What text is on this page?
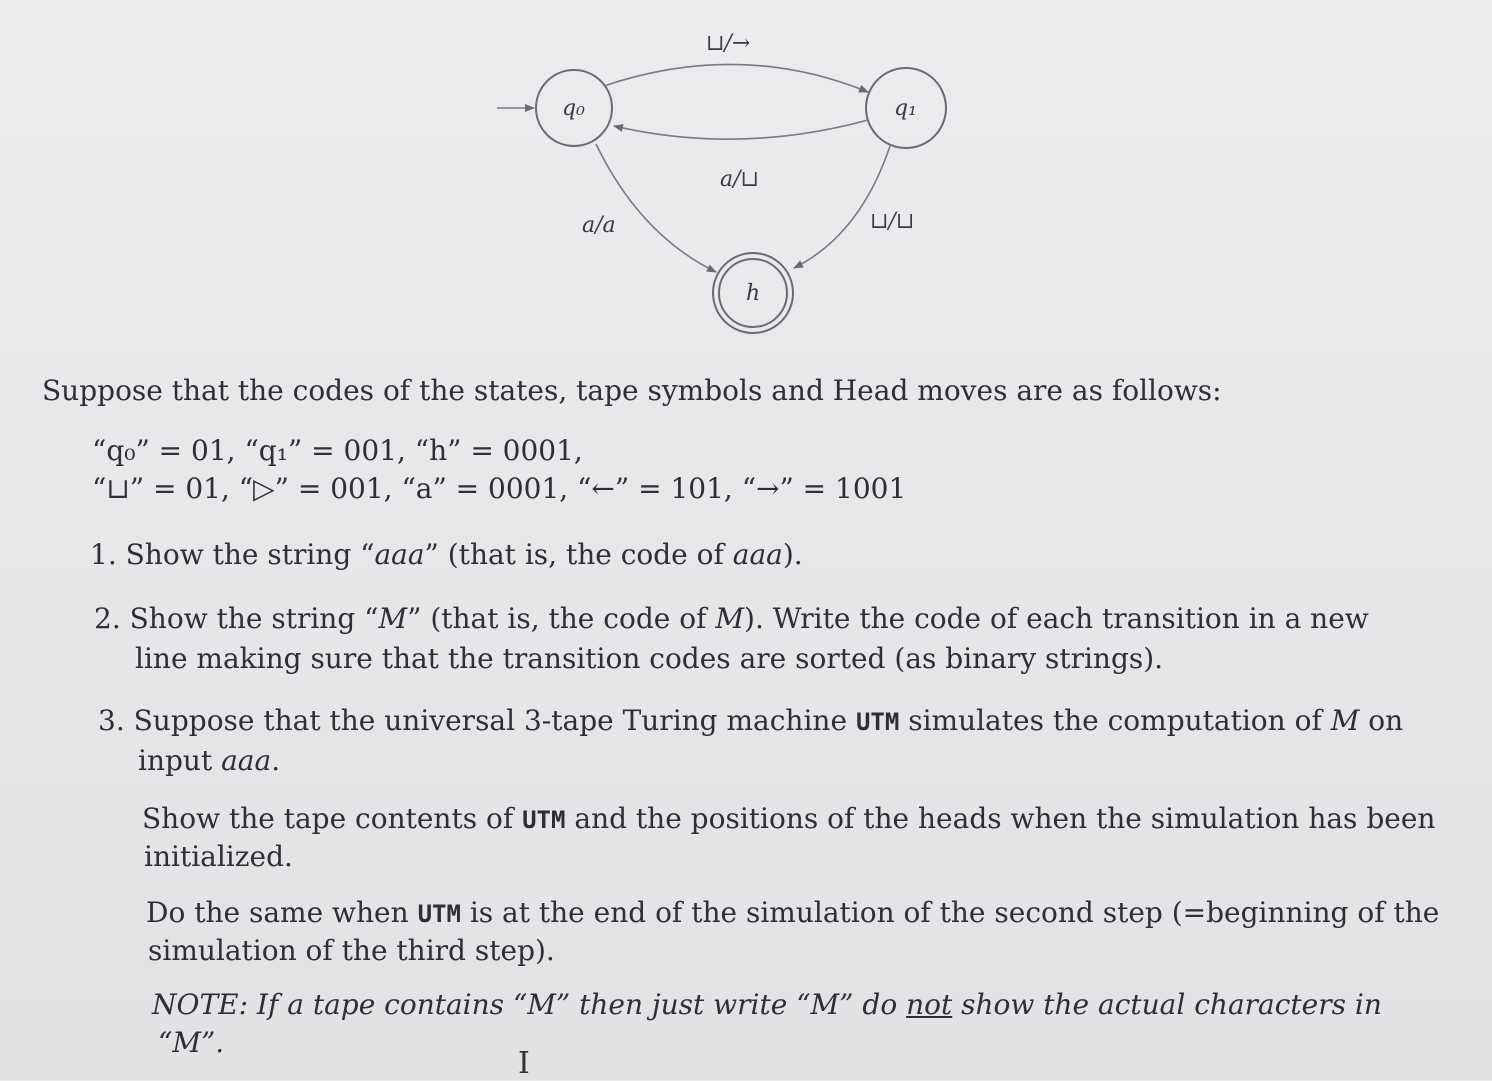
q₀	q₁
h
⊔/→
a/⊔
a/a	⊔/⊔
Suppose that the codes of the states, tape symbols and Head moves are as follows:
“q₀” = 01, “q₁” = 001, “h” = 0001,
“⊔” = 01, “▷” = 001, “a” = 0001, “←” = 101, “→” = 1001
1. Show the string “aaa” (that is, the code of aaa).
2. Show the string “M” (that is, the code of M). Write the code of each transition in a new
line making sure that the transition codes are sorted (as binary strings).
3. Suppose that the universal 3-tape Turing machine UTM simulates the computation of M on
input aaa.
Show the tape contents of UTM and the positions of the heads when the simulation has been
initialized.
Do the same when UTM is at the end of the simulation of the second step (=beginning of the
simulation of the third step).
NOTE: If a tape contains “M” then just write “M” do not show the actual characters in
“M”.
I
